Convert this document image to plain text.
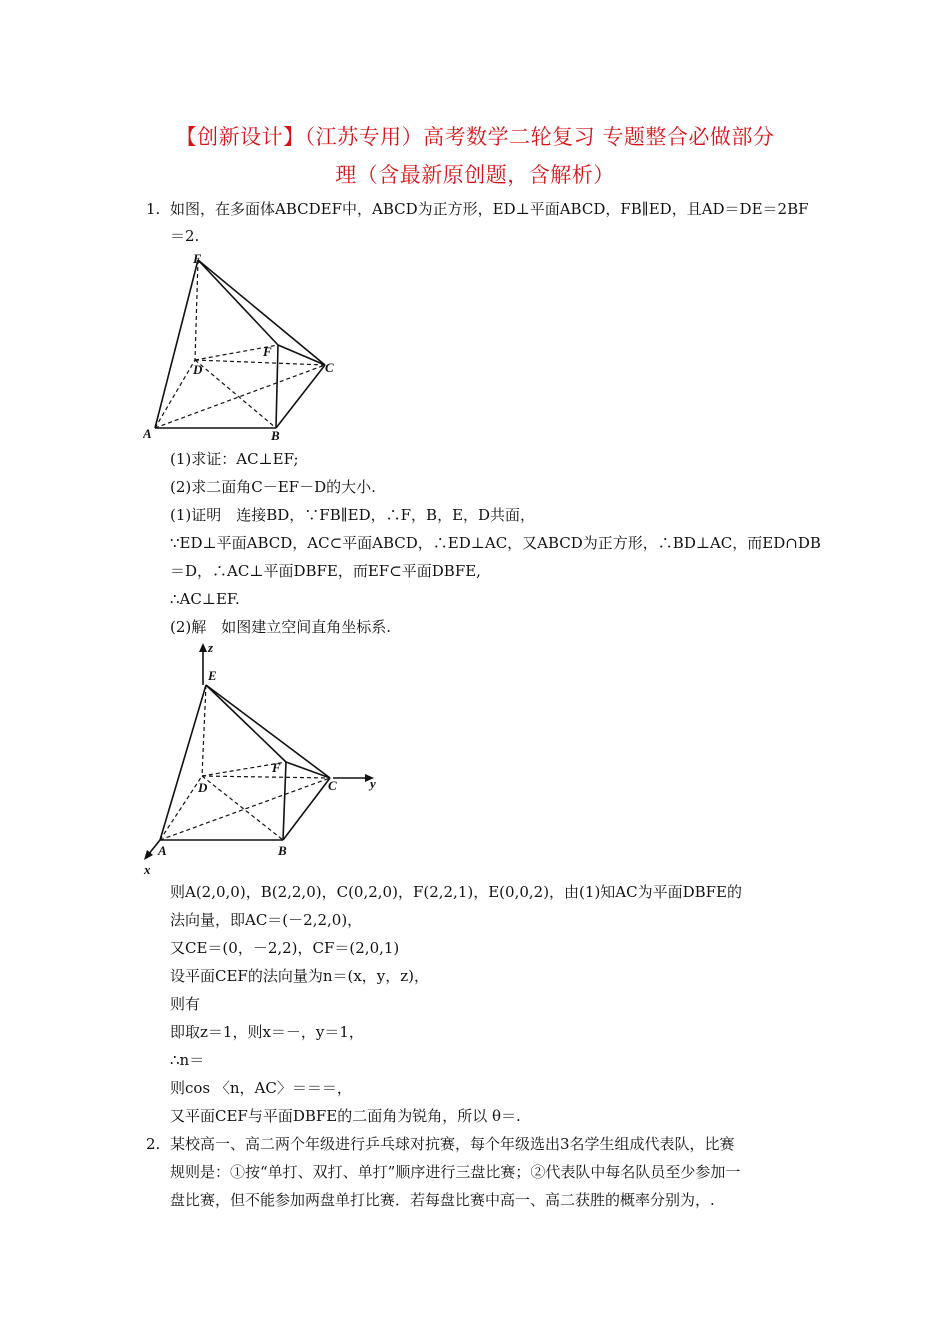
【创新设计】（江苏专用）高考数学二轮复习 专题整合必做部分
理（含最新原创题，含解析）
1. 如图，在多面体ABCDEF中，ABCD为正方形，ED⊥平面ABCD，FB∥ED，且AD＝DE＝2BF
＝2.
E
F
D	C
A	B
(1)求证：AC⊥EF;
(2)求二面角C－EF－D的大小.
(1)证明　连接BD，∵FB∥ED，∴F，B，E，D共面，
∵ED⊥平面ABCD，AC⊂平面ABCD，∴ED⊥AC，又ABCD为正方形，∴BD⊥AC，而ED∩DB
＝D，∴AC⊥平面DBFE，而EF⊂平面DBFE,
∴AC⊥EF.
(2)解　如图建立空间直角坐标系.
z
E
F
D	C	y
A	B
x
则A(2,0,0)，B(2,2,0)，C(0,2,0)，F(2,2,1)，E(0,0,2)，由(1)知AC为平面DBFE的
法向量，即AC＝(－2,2,0)，
又CE＝(0，－2,2)，CF＝(2,0,1)
设平面CEF的法向量为n＝(x，y，z)，
则有
即取z＝1，则x＝－，y＝1，
∴n＝
则cos 〈n，AC〉＝＝＝，
又平面CEF与平面DBFE的二面角为锐角，所以 θ＝.
2. 某校高一、高二两个年级进行乒乓球对抗赛，每个年级选出3名学生组成代表队，比赛
规则是：①按“单打、双打、单打”顺序进行三盘比赛；②代表队中每名队员至少参加一
盘比赛，但不能参加两盘单打比赛．若每盘比赛中高一、高二获胜的概率分别为，.
